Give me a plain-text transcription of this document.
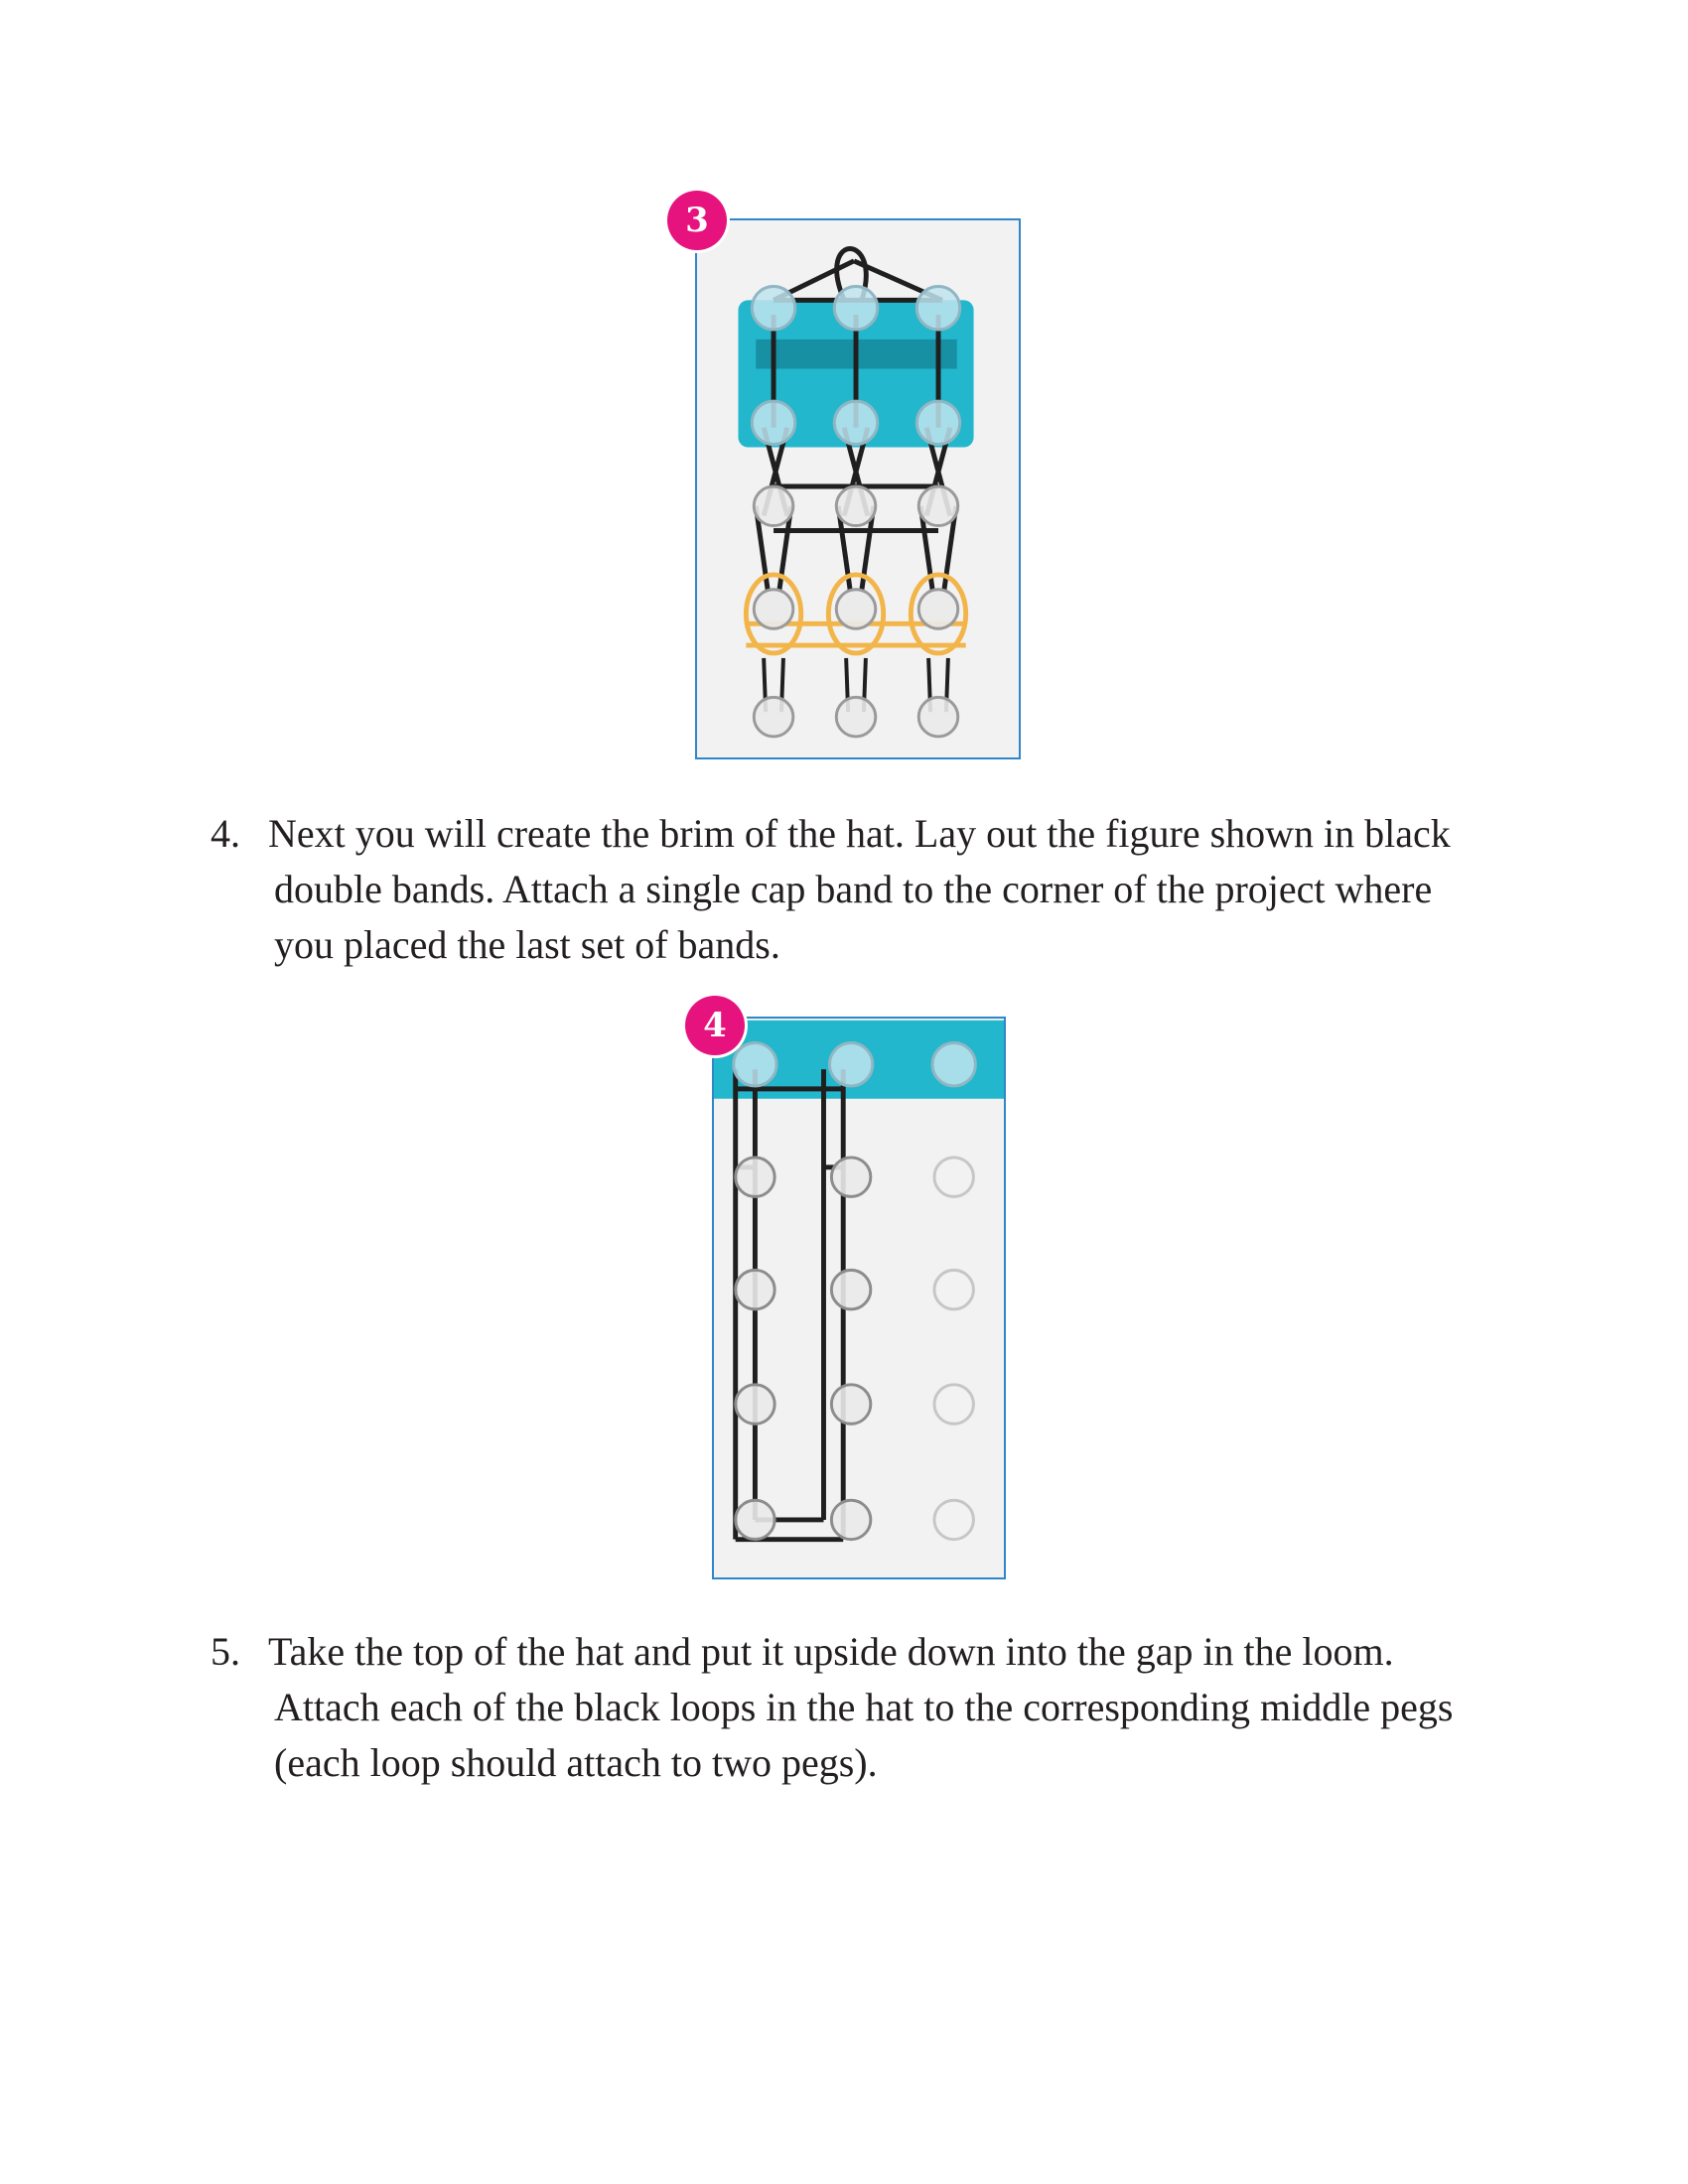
3
4. Next you will create the brim of the hat. Lay out the figure shown in black double bands. Attach a single cap band to the corner of the project where you placed the last set of bands.
4
5. Take the top of the hat and put it upside down into the gap in the loom. Attach each of the black loops in the hat to the corresponding middle pegs (each loop should attach to two pegs).
